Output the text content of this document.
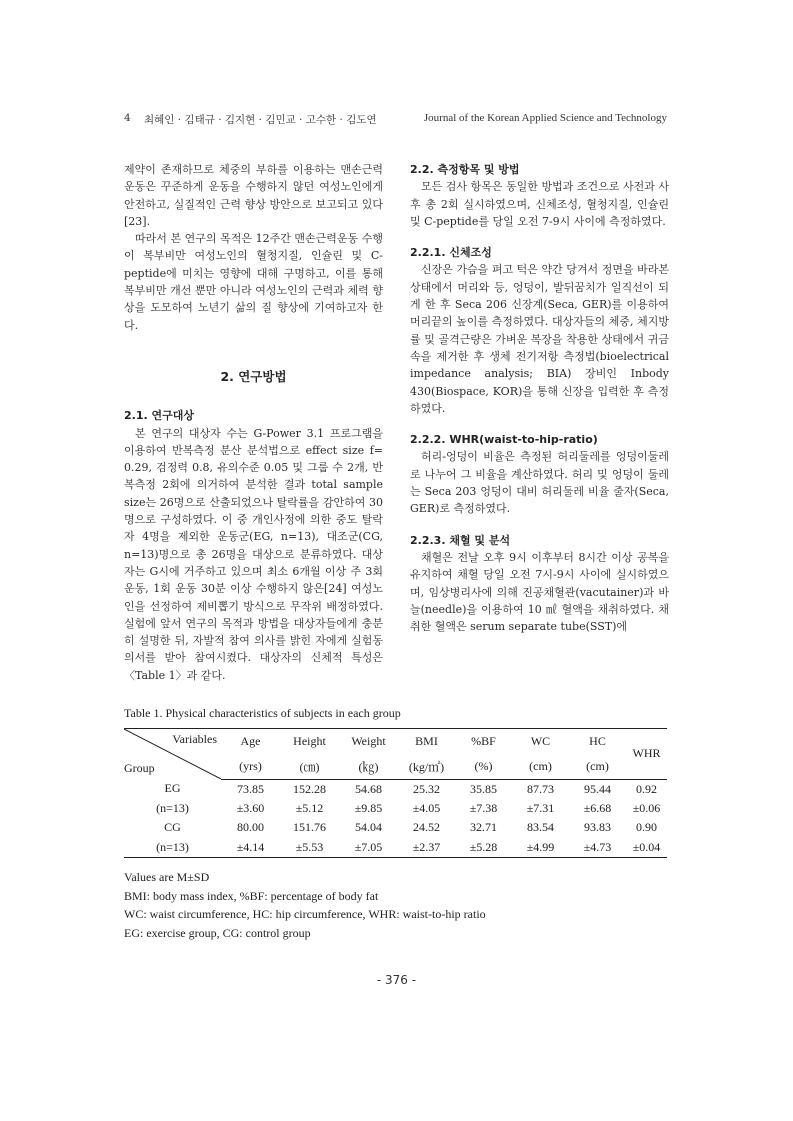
4 최혜인 · 김태규 · 김지현 · 김민교 · 고수한 · 김도연	Journal of the Korean Applied Science and Technology

제약이 존재하므로 체중의 부하를 이용하는 맨손근력운동은 꾸준하게 운동을 수행하지 않던 여성노인에게 안전하고, 실질적인 근력 향상 방안으로 보고되고 있다[23].

따라서 본 연구의 목적은 12주간 맨손근력운동 수행이 복부비만 여성노인의 혈청지질, 인슐린 및 C-peptide에 미치는 영향에 대해 구명하고, 이를 통해 복부비만 개선 뿐만 아니라 여성노인의 근력과 체력 향상을 도모하여 노년기 삶의 질 향상에 기여하고자 한다.

2. 연구방법
2.1. 연구대상

본 연구의 대상자 수는 G-Power 3.1 프로그램을 이용하여 반복측정 분산 분석법으로 effect size f= 0.29, 검정력 0.8, 유의수준 0.05 및 그룹 수 2개, 반복측정 2회에 의거하여 분석한 결과 total sample size는 26명으로 산출되었으나 탈락률을 감안하여 30명으로 구성하였다. 이 중 개인사정에 의한 중도 탈락자 4명을 제외한 운동군(EG, n=13), 대조군(CG, n=13)명으로 총 26명을 대상으로 분류하였다. 대상자는 G시에 거주하고 있으며 최소 6개월 이상 주 3회 운동, 1회 운동 30분 이상 수행하지 않은[24] 여성노인을 선정하여 제비뽑기 방식으로 무작위 배정하였다. 실험에 앞서 연구의 목적과 방법을 대상자들에게 충분히 설명한 뒤, 자발적 참여 의사를 밝힌 자에게 실험동의서를 받아 참여시켰다. 대상자의 신체적 특성은 〈Table 1〉과 같다.

2.2. 측정항목 및 방법

모든 검사 항목은 동일한 방법과 조건으로 사전과 사후 총 2회 실시하였으며, 신체조성, 혈청지질, 인슐린 및 C-peptide를 당일 오전 7-9시 사이에 측정하였다.

2.2.1. 신체조성

신장은 가슴을 펴고 턱은 약간 당겨서 정면을 바라본 상태에서 머리와 등, 엉덩이, 발뒤꿈치가 일직선이 되게 한 후 Seca 206 신장계(Seca, GER)를 이용하여 머리끝의 높이를 측정하였다. 대상자들의 체중, 체지방률 및 골격근량은 가벼운 복장을 착용한 상태에서 귀금속을 제거한 후 생체 전기저항 측정법(bioelectrical impedance analysis; BIA) 장비인 Inbody 430(Biospace, KOR)을 통해 신장을 입력한 후 측정하였다.

2.2.2. WHR(waist-to-hip-ratio)

허리-엉덩이 비율은 측정된 허리둘레를 엉덩이둘레로 나누어 그 비율을 계산하였다. 허리 및 엉덩이 둘레는 Seca 203 엉덩이 대비 허리둘레 비율 줄자(Seca, GER)로 측정하였다.

2.2.3. 채혈 및 분석

채혈은 전날 오후 9시 이후부터 8시간 이상 공복을 유지하여 채혈 당일 오전 7시-9시 사이에 실시하였으며, 임상병리사에 의해 진공채혈관(vacutainer)과 바늘(needle)을 이용하여 10 ㎖ 혈액을 채취하였다. 채취한 혈액은 serum separate tube(SST)에

Table 1. Physical characteristics of subjects in each group
Variables
Group	Age	Height	Weight	BMI	%BF	WC	HC	WHR
	(yrs)	(㎝)	(㎏)	(kg/㎡)	(%)	(cm)	(cm)	
EG	73.85	152.28	54.68	25.32	35.85	87.73	95.44	0.92
(n=13)	±3.60	±5.12	±9.85	±4.05	±7.38	±7.31	±6.68	±0.06
CG	80.00	151.76	54.04	24.52	32.71	83.54	93.83	0.90
(n=13)	±4.14	±5.53	±7.05	±2.37	±5.28	±4.99	±4.73	±0.04
Values are M±SD
BMI: body mass index, %BF: percentage of body fat
WC: waist circumference, HC: hip circumference, WHR: waist-to-hip ratio
EG: exercise group, CG: control group
- 376 -
